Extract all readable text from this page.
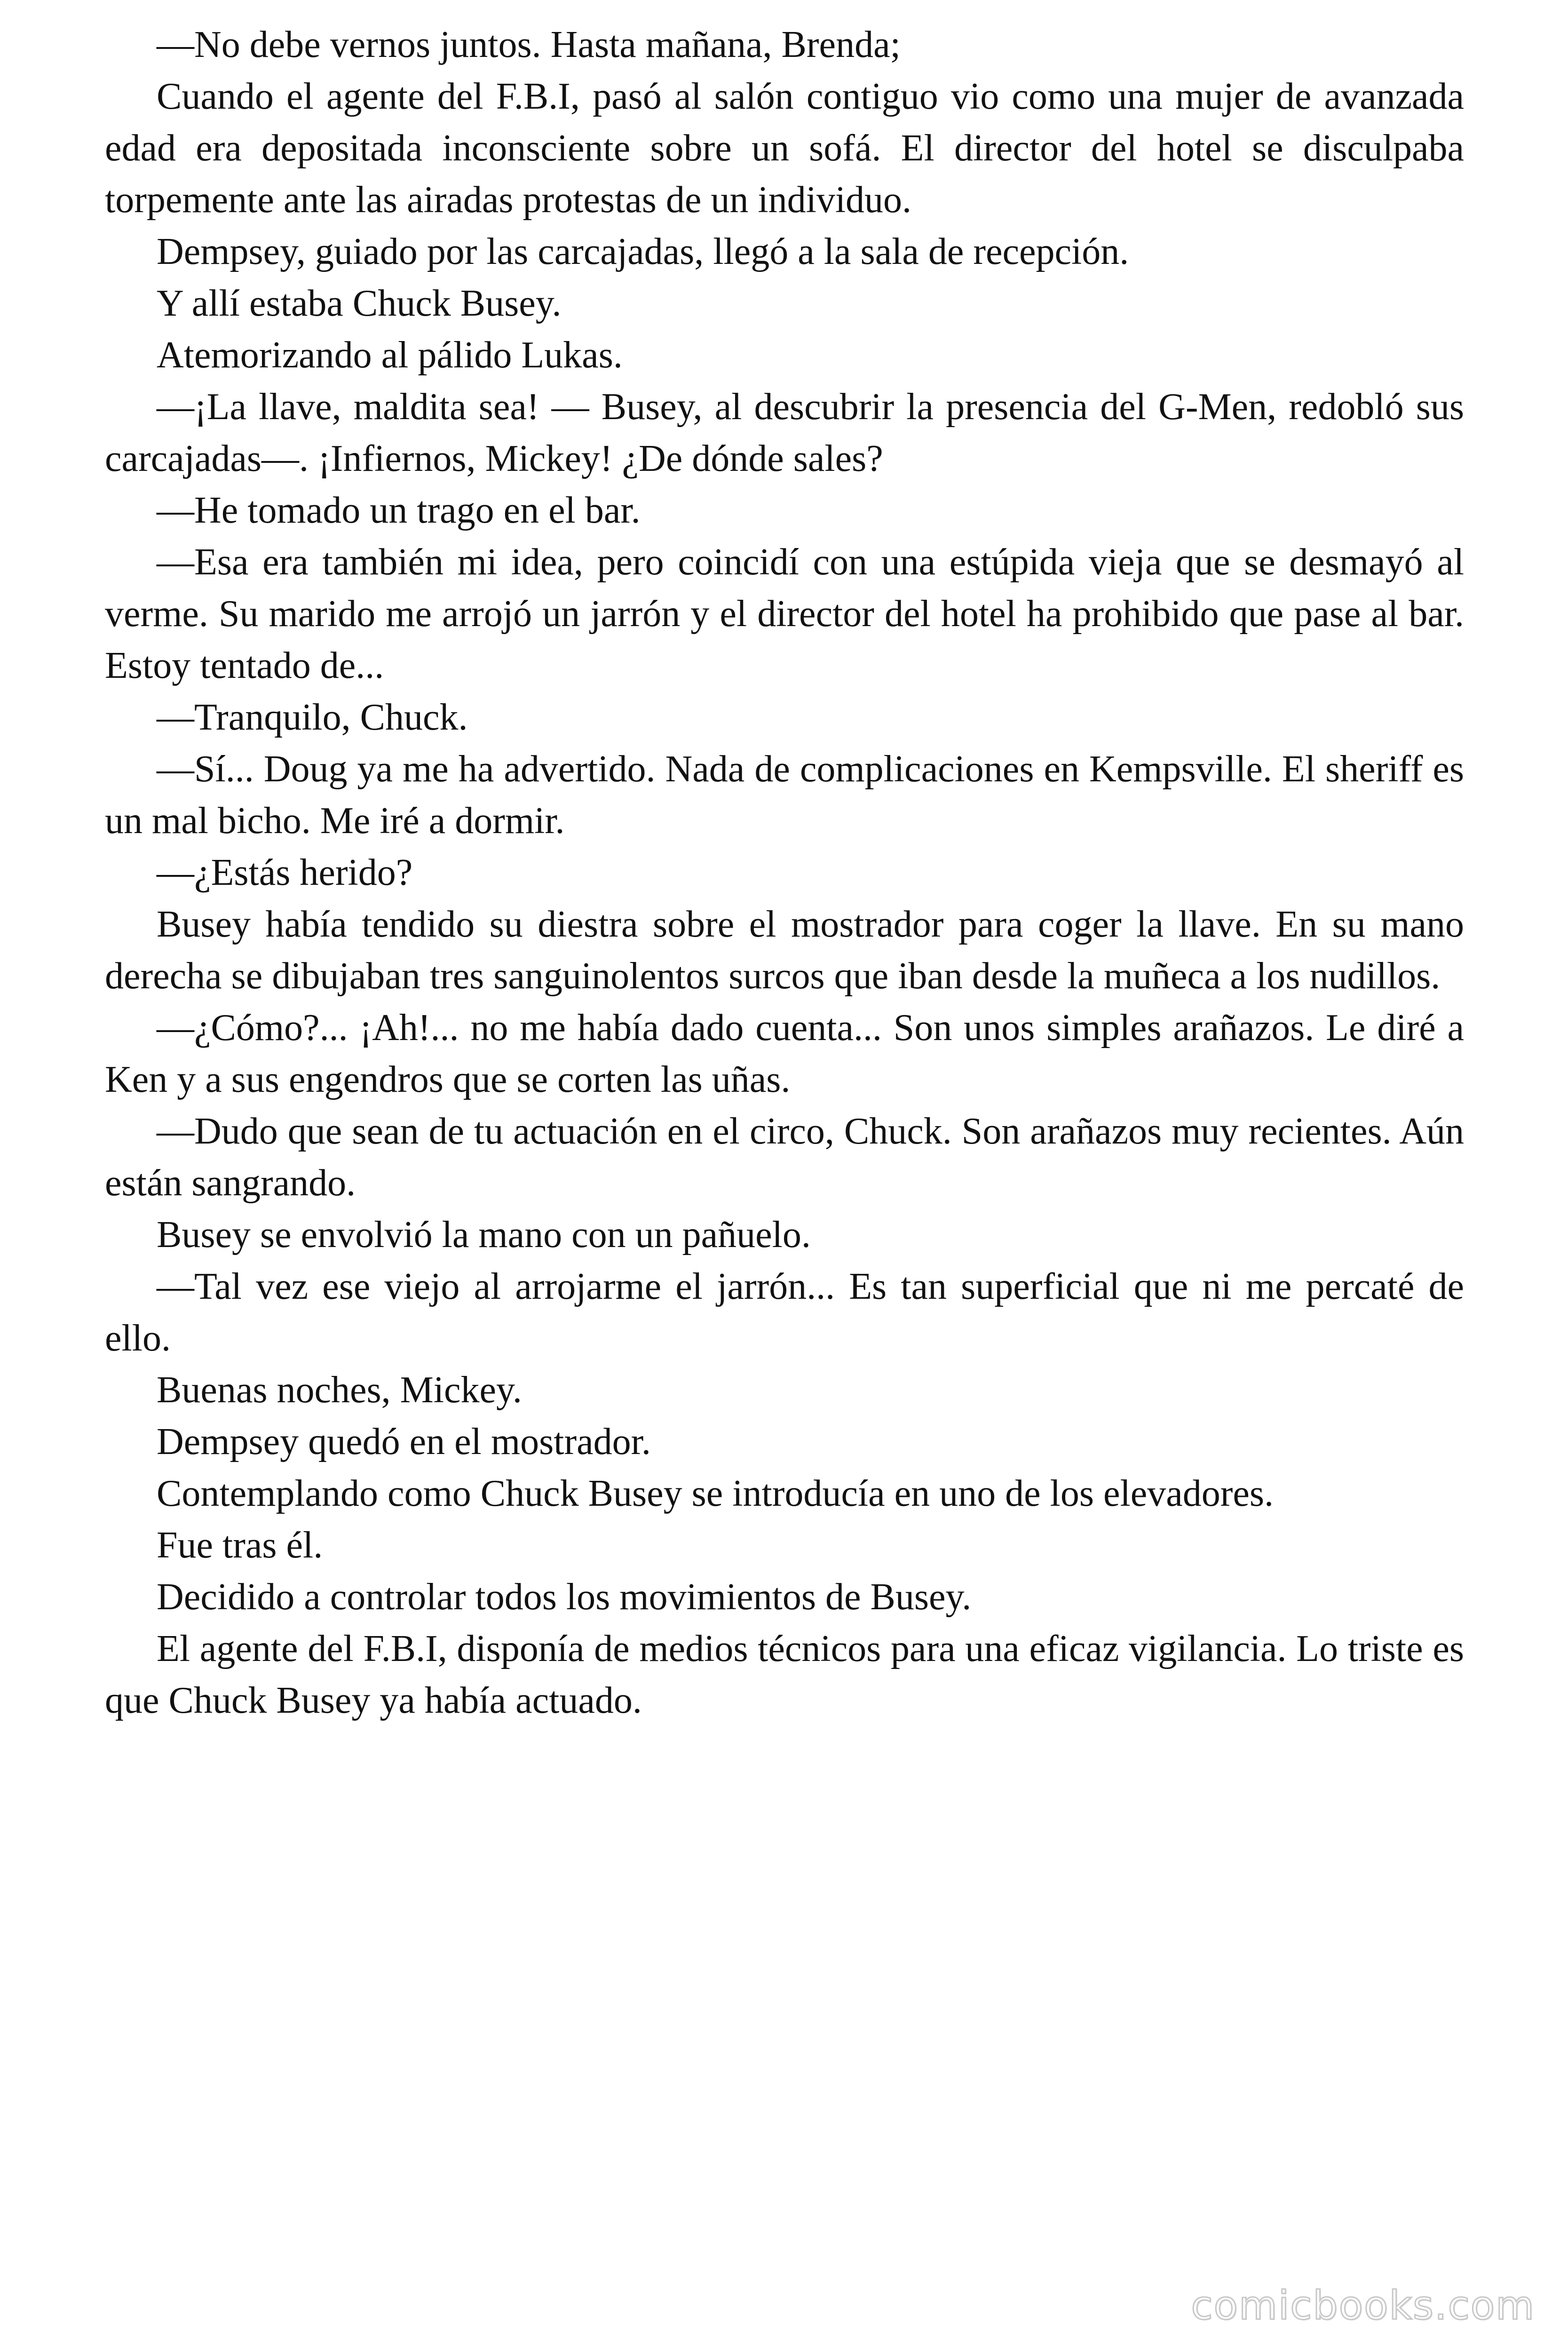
—No debe vernos juntos. Hasta mañana, Brenda;

Cuando el agente del F.B.I, pasó al salón contiguo vio como una mujer de avanzada edad era depositada inconsciente sobre un sofá. El director del hotel se disculpaba torpemente ante las airadas protestas de un individuo.

Dempsey, guiado por las carcajadas, llegó a la sala de recepción.

Y allí estaba Chuck Busey.

Atemorizando al pálido Lukas.

—¡La llave, maldita sea! — Busey, al descubrir la presencia del G-Men, redobló sus carcajadas—. ¡Infiernos, Mickey! ¿De dónde sales?

—He tomado un trago en el bar.

—Esa era también mi idea, pero coincidí con una estúpida vieja que se desmayó al verme. Su marido me arrojó un jarrón y el director del hotel ha prohibido que pase al bar. Estoy tentado de...

—Tranquilo, Chuck.

—Sí... Doug ya me ha advertido. Nada de complicaciones en Kempsville. El sheriff es un mal bicho. Me iré a dormir.

—¿Estás herido?

Busey había tendido su diestra sobre el mostrador para coger la llave. En su mano derecha se dibujaban tres sanguinolentos surcos que iban desde la muñeca a los nudillos.

—¿Cómo?... ¡Ah!... no me había dado cuenta... Son unos simples arañazos. Le diré a Ken y a sus engendros que se corten las uñas.

—Dudo que sean de tu actuación en el circo, Chuck. Son arañazos muy recientes. Aún están sangrando.

Busey se envolvió la mano con un pañuelo.

—Tal vez ese viejo al arrojarme el jarrón... Es tan superficial que ni me percaté de ello.

Buenas noches, Mickey.

Dempsey quedó en el mostrador.

Contemplando como Chuck Busey se introducía en uno de los elevadores.

Fue tras él.

Decidido a controlar todos los movimientos de Busey.

El agente del F.B.I, disponía de medios técnicos para una eficaz vigilancia. Lo triste es que Chuck Busey ya había actuado.

comicbooks.com
